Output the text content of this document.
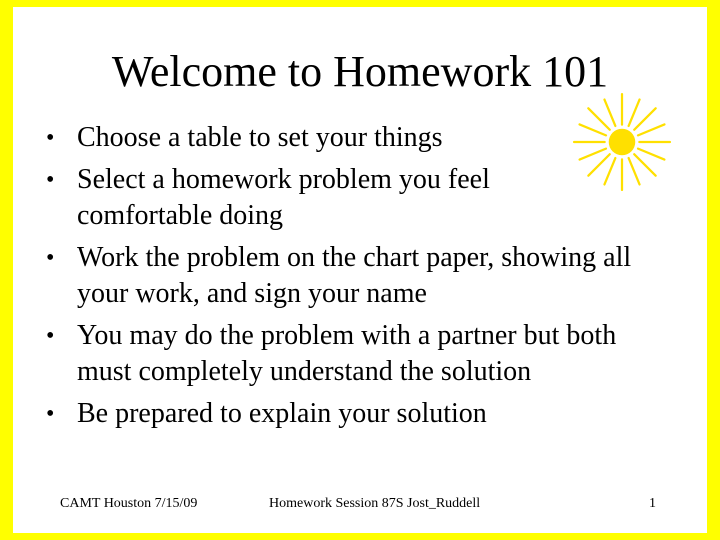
Welcome to Homework 101
• Choose a table to set your things
• Select a homework problem you feel comfortable doing
• Work the problem on the chart paper, showing all your work, and sign your name
• You may do the problem with a partner but both must completely understand the solution
• Be prepared to explain your solution
CAMT Houston 7/15/09	Homework Session 87S Jost_Ruddell	1
